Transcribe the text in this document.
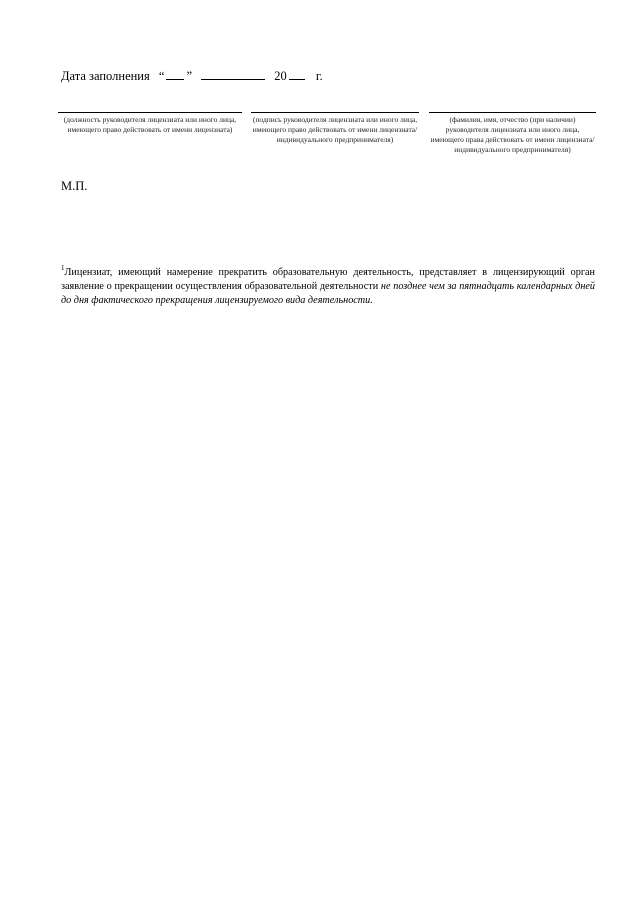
Дата заполнения “ ”	20 г.
(должность руководителя лицензиата или иного лица, имеющего право действовать от имени лицензиата)
(подпись руководителя лицензиата или иного лица, имеющего право действовать от имени лицензиата/ индивидуального предпринимателя)
(фамилия, имя, отчество (при наличии) руководителя лицензиата или иного лица, имеющего права действовать от имени лицензиата/ индивидуального предпринимателя)
М.П.
$^1$Лицензиат, имеющий намерение прекратить образовательную деятельность, представляет в лицензирующий орган заявление о прекращении осуществления образовательной деятельности не позднее чем за пятнадцать календарных дней до дня фактического прекращения лицензируемого вида деятельности.
